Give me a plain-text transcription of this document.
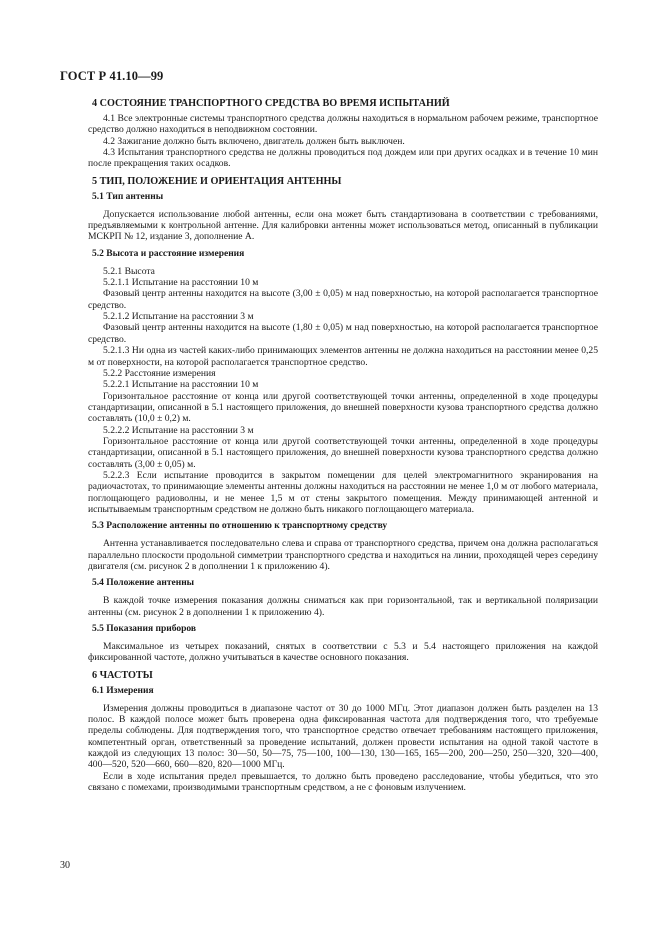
ГОСТ Р 41.10—99
4 СОСТОЯНИЕ ТРАНСПОРТНОГО СРЕДСТВА ВО ВРЕМЯ ИСПЫТАНИЙ

4.1 Все электронные системы транспортного средства должны находиться в нормальном рабочем режиме, транспортное средство должно находиться в неподвижном состоянии.

4.2 Зажигание должно быть включено, двигатель должен быть выключен.

4.3 Испытания транспортного средства не должны проводиться под дождем или при других осадках и в течение 10 мин после прекращения таких осадков.

5 ТИП, ПОЛОЖЕНИЕ И ОРИЕНТАЦИЯ АНТЕННЫ
5.1 Тип антенны

Допускается использование любой антенны, если она может быть стандартизована в соответствии с требованиями, предъявляемыми к контрольной антенне. Для калибровки антенны может использоваться метод, описанный в публикации МСКРП № 12, издание 3, дополнение А.

5.2 Высота и расстояние измерения

5.2.1 Высота

5.2.1.1 Испытание на расстоянии 10 м

Фазовый центр антенны находится на высоте (3,00 ± 0,05) м над поверхностью, на которой располагается транспортное средство.

5.2.1.2 Испытание на расстоянии 3 м

Фазовый центр антенны находится на высоте (1,80 ± 0,05) м над поверхностью, на которой располагается транспортное средство.

5.2.1.3 Ни одна из частей каких-либо принимающих элементов антенны не должна находиться на расстоянии менее 0,25 м от поверхности, на которой располагается транспортное средство.

5.2.2 Расстояние измерения

5.2.2.1 Испытание на расстоянии 10 м

Горизонтальное расстояние от конца или другой соответствующей точки антенны, определенной в ходе процедуры стандартизации, описанной в 5.1 настоящего приложения, до внешней поверхности кузова транспортного средства должно составлять (10,0 ± 0,2) м.

5.2.2.2 Испытание на расстоянии 3 м

Горизонтальное расстояние от конца или другой соответствующей точки антенны, определенной в ходе процедуры стандартизации, описанной в 5.1 настоящего приложения, до внешней поверхности кузова транспортного средства должно составлять (3,00 ± 0,05) м.

5.2.2.3 Если испытание проводится в закрытом помещении для целей электромагнитного экранирования на радиочастотах, то принимающие элементы антенны должны находиться на расстоянии не менее 1,0 м от любого материала, поглощающего радиоволны, и не менее 1,5 м от стены закрытого помещения. Между принимающей антенной и испытываемым транспортным средством не должно быть никакого поглощающего материала.

5.3 Расположение антенны по отношению к транспортному средству

Антенна устанавливается последовательно слева и справа от транспортного средства, причем она должна располагаться параллельно плоскости продольной симметрии транспортного средства и находиться на линии, проходящей через середину двигателя (см. рисунок 2 в дополнении 1 к приложению 4).

5.4 Положение антенны

В каждой точке измерения показания должны сниматься как при горизонтальной, так и вертикальной поляризации антенны (см. рисунок 2 в дополнении 1 к приложению 4).

5.5 Показания приборов

Максимальное из четырех показаний, снятых в соответствии с 5.3 и 5.4 настоящего приложения на каждой фиксированной частоте, должно учитываться в качестве основного показания.

6 ЧАСТОТЫ
6.1 Измерения

Измерения должны проводиться в диапазоне частот от 30 до 1000 МГц. Этот диапазон должен быть разделен на 13 полос. В каждой полосе может быть проверена одна фиксированная частота для подтверждения того, что требуемые пределы соблюдены. Для подтверждения того, что транспортное средство отвечает требованиям настоящего приложения, компетентный орган, ответственный за проведение испытаний, должен провести испытания на одной такой частоте в каждой из следующих 13 полос: 30—50, 50—75, 75—100, 100—130, 130—165, 165—200, 200—250, 250—320, 320—400, 400—520, 520—660, 660—820, 820—1000 МГц.

Если в ходе испытания предел превышается, то должно быть проведено расследование, чтобы убедиться, что это связано с помехами, производимыми транспортным средством, а не с фоновым излучением.

30
